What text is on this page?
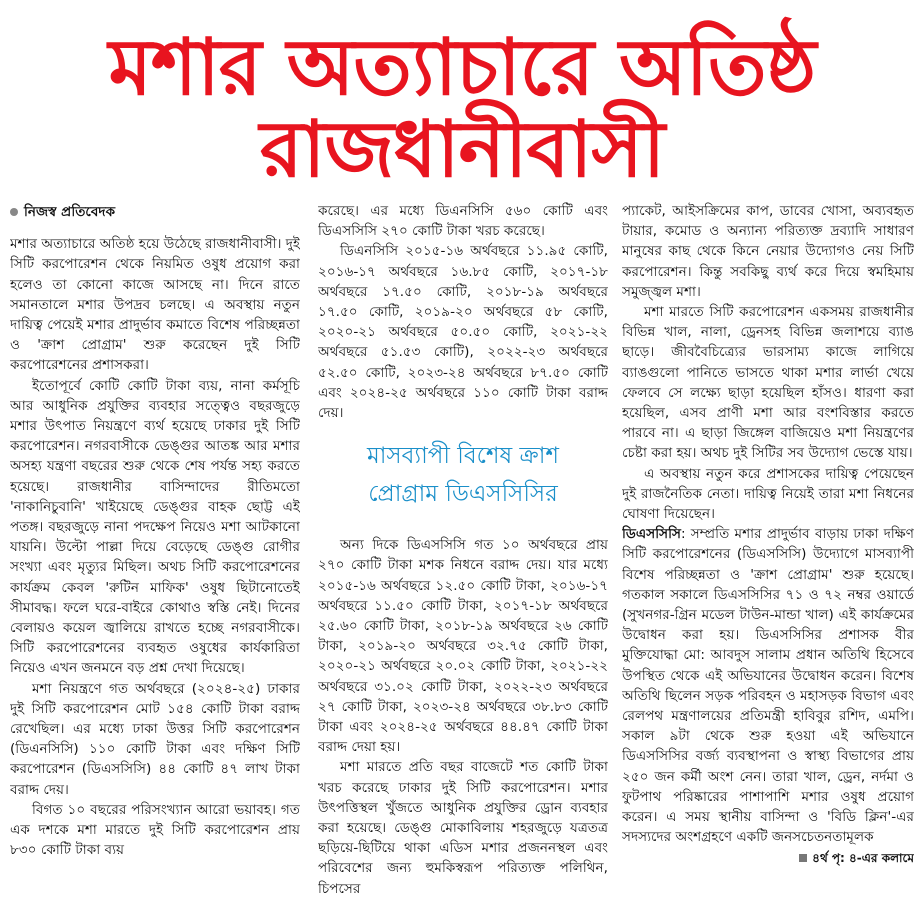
মশার অত্যাচারে অতিষ্ঠ
রাজধানীবাসী
নিজস্ব প্রতিবেদক

মশার অত্যাচারে অতিষ্ঠ হয়ে উঠেছে রাজধানীবাসী। দুই সিটি করপোরেশন থেকে নিয়মিত ওষুধ প্রয়োগ করা হলেও তা কোনো কাজে আসছে না। দিনে রাতে সমানতালে মশার উপদ্রব চলছে। এ অবস্থায় নতুন দায়িত্ব পেয়েই মশার প্রাদুর্ভাব কমাতে বিশেষ পরিচ্ছন্নতা ও 'ক্রাশ প্রোগ্রাম' শুরু করেছেন দুই সিটি করপোরেশনের প্রশাসকরা।

ইতোপূর্বে কোটি কোটি টাকা ব্যয়, নানা কর্মসূচি আর আধুনিক প্রযুক্তির ব্যবহার সত্ত্বেও বছরজুড়ে মশার উৎপাত নিয়ন্ত্রণে ব্যর্থ হয়েছে ঢাকার দুই সিটি করপোরেশন। নগরবাসীকে ডেঙ্গুর আতঙ্ক আর মশার অসহ্য যন্ত্রণা বছরের শুরু থেকে শেষ পর্যন্ত সহ্য করতে হয়েছে। রাজধানীর বাসিন্দাদের রীতিমতো 'নাকানিচুবানি' খাইয়েছে ডেঙ্গুর বাহক ছোট্ট এই পতঙ্গ। বছরজুড়ে নানা পদক্ষেপ নিয়েও মশা আটকানো যায়নি। উল্টো পাল্লা দিয়ে বেড়েছে ডেঙ্গু রোগীর সংখ্যা এবং মৃত্যুর মিছিল। অথচ সিটি করপোরেশনের কার্যক্রম কেবল 'রুটিন মাফিক' ওষুধ ছিটানোতেই সীমাবদ্ধ। ফলে ঘরে-বাইরে কোথাও স্বস্তি নেই। দিনের বেলায়ও কয়েল জ্বালিয়ে রাখতে হচ্ছে নগরবাসীকে। সিটি করপোরেশনের ব্যবহৃত ওষুধের কার্যকারিতা নিয়েও এখন জনমনে বড় প্রশ্ন দেখা দিয়েছে।

মশা নিয়ন্ত্রণে গত অর্থবছরে (২০২৪-২৫) ঢাকার দুই সিটি করপোরেশন মোট ১৫৪ কোটি টাকা বরাদ্দ রেখেছিল। এর মধ্যে ঢাকা উত্তর সিটি করপোরেশন (ডিএনসিসি) ১১০ কোটি টাকা এবং দক্ষিণ সিটি করপোরেশন (ডিএসসিসি) ৪৪ কোটি ৪৭ লাখ টাকা বরাদ্দ দেয়।

বিগত ১০ বছরের পরিসংখ্যান আরো ভয়াবহ। গত এক দশকে মশা মারতে দুই সিটি করপোরেশন প্রায় ৮৩০ কোটি টাকা ব্যয়

করেছে। এর মধ্যে ডিএনসিসি ৫৬০ কোটি এবং ডিএসসিসি ২৭০ কোটি টাকা খরচ করেছে।

ডিএনসিসি ২০১৫-১৬ অর্থবছরে ১১.৯৫ কোটি, ২০১৬-১৭ অর্থবছরে ১৬.৮৫ কোটি, ২০১৭-১৮ অর্থবছরে ১৭.৫০ কোটি, ২০১৮-১৯ অর্থবছরে ১৭.৫০ কোটি, ২০১৯-২০ অর্থবছরে ৫৮ কোটি, ২০২০-২১ অর্থবছরে ৫০.৫০ কোটি, ২০২১-২২ অর্থবছরে ৫১.৫৩ কোটি), ২০২২-২৩ অর্থবছরে ৫২.৫০ কোটি, ২০২৩-২৪ অর্থবছরে ৮৭.৫০ কোটি এবং ২০২৪-২৫ অর্থবছরে ১১০ কোটি টাকা বরাদ্দ দেয়।

মাসব্যাপী বিশেষ ক্রাশ
প্রোগ্রাম ডিএসসিসির

অন্য দিকে ডিএসসিসি গত ১০ অর্থবছরে প্রায় ২৭০ কোটি টাকা মশক নিধনে বরাদ্দ দেয়। যার মধ্যে ২০১৫-১৬ অর্থবছরে ১২.৫০ কোটি টাকা, ২০১৬-১৭ অর্থবছরে ১১.৫০ কোটি টাকা, ২০১৭-১৮ অর্থবছরে ২৫.৬০ কোটি টাকা, ২০১৮-১৯ অর্থবছরে ২৬ কোটি টাকা, ২০১৯-২০ অর্থবছরে ৩২.৭৫ কোটি টাকা, ২০২০-২১ অর্থবছরে ২০.০২ কোটি টাকা, ২০২১-২২ অর্থবছরে ৩১.০২ কোটি টাকা, ২০২২-২৩ অর্থবছরে ২৭ কোটি টাকা, ২০২৩-২৪ অর্থবছরে ৩৮.৮৩ কোটি টাকা এবং ২০২৪-২৫ অর্থবছরে ৪৪.৪৭ কোটি টাকা বরাদ্দ দেয়া হয়।

মশা মারতে প্রতি বছর বাজেটে শত কোটি টাকা খরচ করেছে ঢাকার দুই সিটি করপোরেশন। মশার উৎপত্তিস্থল খুঁজতে আধুনিক প্রযুক্তির ড্রোন ব্যবহার করা হয়েছে। ডেঙ্গু মোকাবিলায় শহরজুড়ে যত্রতত্র ছড়িয়ে-ছিটিয়ে থাকা এডিস মশার প্রজননস্থল এবং পরিবেশের জন্য হুমকিস্বরূপ পরিত্যক্ত পলিথিন, চিপসের

প্যাকেট, আইসক্রিমের কাপ, ডাবের খোসা, অব্যবহৃত টায়ার, কমোড ও অন্যান্য পরিত্যক্ত দ্রব্যাদি সাধারণ মানুষের কাছ থেকে কিনে নেয়ার উদ্যোগও নেয় সিটি করপোরেশন। কিন্তু সবকিছু ব্যর্থ করে দিয়ে স্বমহিমায় সমুজ্জ্বল মশা।

মশা মারতে সিটি করপোরেশন একসময় রাজধানীর বিভিন্ন খাল, নালা, ড্রেনসহ বিভিন্ন জলাশয়ে ব্যাঙ ছাড়ে। জীববৈচিত্র্যের ভারসাম্য কাজে লাগিয়ে ব্যাঙগুলো পানিতে ভাসতে থাকা মশার লার্ভা খেয়ে ফেলবে সে লক্ষ্যে ছাড়া হয়েছিল হাঁসও। ধারণা করা হয়েছিল, এসব প্রাণী মশা আর বংশবিস্তার করতে পারবে না। এ ছাড়া জিঙ্গেল বাজিয়েও মশা নিয়ন্ত্রণের চেষ্টা করা হয়। অথচ দুই সিটির সব উদ্যোগ ভেস্তে যায়।

এ অবস্থায় নতুন করে প্রশাসকের দায়িত্ব পেয়েছেন দুই রাজনৈতিক নেতা। দায়িত্ব নিয়েই তারা মশা নিধনের ঘোষণা দিয়েছেন।

ডিএসসিসি: সম্প্রতি মশার প্রাদুর্ভাব বাড়ায় ঢাকা দক্ষিণ সিটি করপোরেশনের (ডিএসসিসি) উদ্যোগে মাসব্যাপী বিশেষ পরিচ্ছন্নতা ও 'ক্রাশ প্রোগ্রাম' শুরু হয়েছে। গতকাল সকালে ডিএসসিসির ৭১ ও ৭২ নম্বর ওয়ার্ডে (সুখনগর-গ্রিন মডেল টাউন-মান্ডা খাল) এই কার্যক্রমের উদ্বোধন করা হয়। ডিএসসিসির প্রশাসক বীর মুক্তিযোদ্ধা মো: আবদুস সালাম প্রধান অতিথি হিসেবে উপস্থিত থেকে এই অভিযানের উদ্বোধন করেন। বিশেষ অতিথি ছিলেন সড়ক পরিবহন ও মহাসড়ক বিভাগ এবং রেলপথ মন্ত্রণালয়ের প্রতিমন্ত্রী হাবিবুর রশিদ, এমপি। সকাল ৯টা থেকে শুরু হওয়া এই অভিযানে ডিএসসিসির বর্জ্য ব্যবস্থাপনা ও স্বাস্থ্য বিভাগের প্রায় ২৫০ জন কর্মী অংশ নেন। তারা খাল, ড্রেন, নর্দমা ও ফুটপাথ পরিষ্কারের পাশাপাশি মশার ওষুধ প্রয়োগ করেন। এ সময় স্থানীয় বাসিন্দা ও 'বিডি ক্লিন'-এর সদস্যদের অংশগ্রহণে একটি জনসচেতনতামূলক

৪র্থ পৃ: ৪-এর কলামে
